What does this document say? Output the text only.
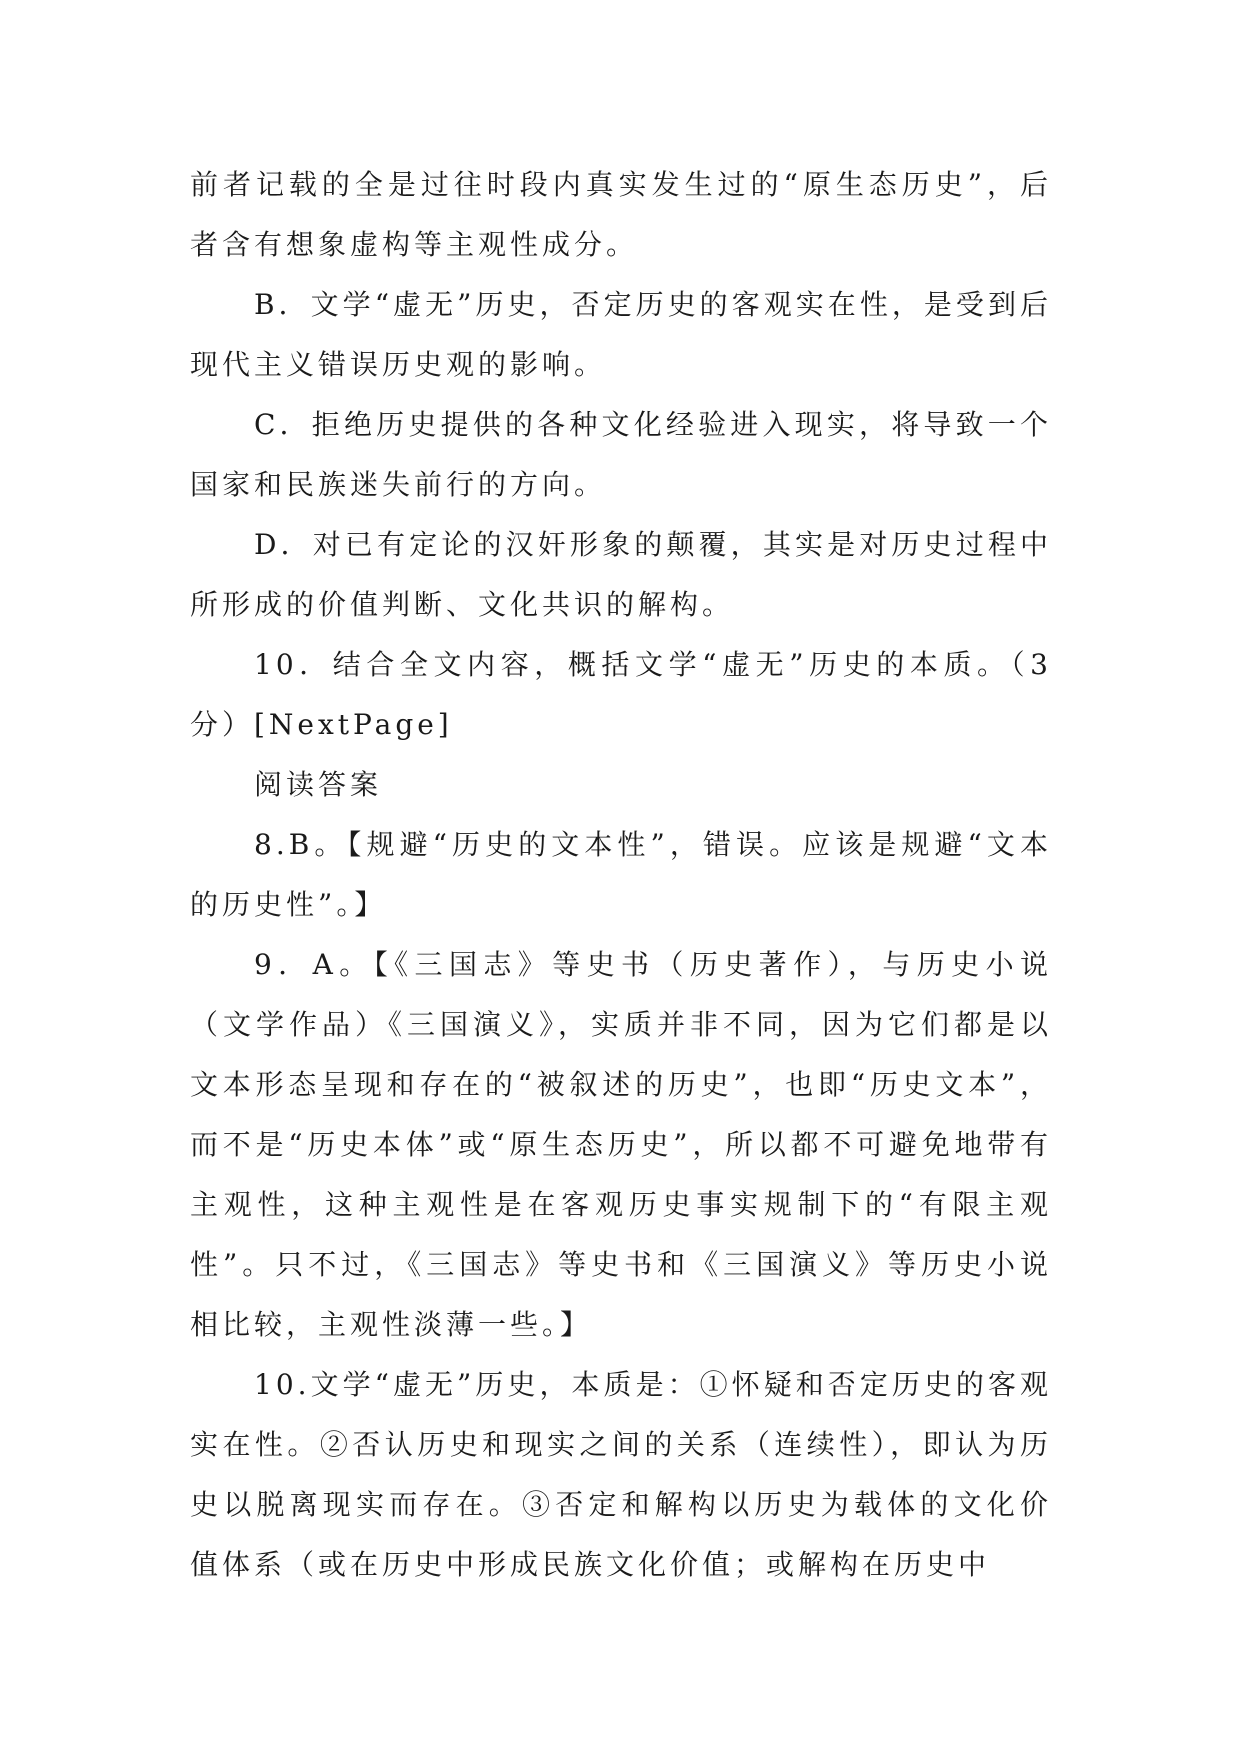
前者记载的全是过往时段内真实发生过的“原生态历史”，后者含有想象虚构等主观性成分。

B．文学“虚无”历史，否定历史的客观实在性，是受到后现代主义错误历史观的影响。

C．拒绝历史提供的各种文化经验进入现实，将导致一个国家和民族迷失前行的方向。

D．对已有定论的汉奸形象的颠覆，其实是对历史过程中所形成的价值判断、文化共识的解构。

10．结合全文内容，概括文学“虚无”历史的本质。（3分）[NextPage]

阅读答案

8.B。【规避“历史的文本性”，错误。应该是规避“文本的历史性”。】

9．A。【《三国志》等史书（历史著作），与历史小说（文学作品）《三国演义》，实质并非不同，因为它们都是以文本形态呈现和存在的“被叙述的历史”，也即“历史文本”，而不是“历史本体”或“原生态历史”，所以都不可避免地带有主观性，这种主观性是在客观历史事实规制下的“有限主观性”。只不过，《三国志》等史书和《三国演义》等历史小说相比较，主观性淡薄一些。】

10.文学“虚无”历史，本质是：①怀疑和否定历史的客观实在性。②否认历史和现实之间的关系（连续性），即认为历史以脱离现实而存在。③否定和解构以历史为载体的文化价值体系（或在历史中形成民族文化价值；或解构在历史中
